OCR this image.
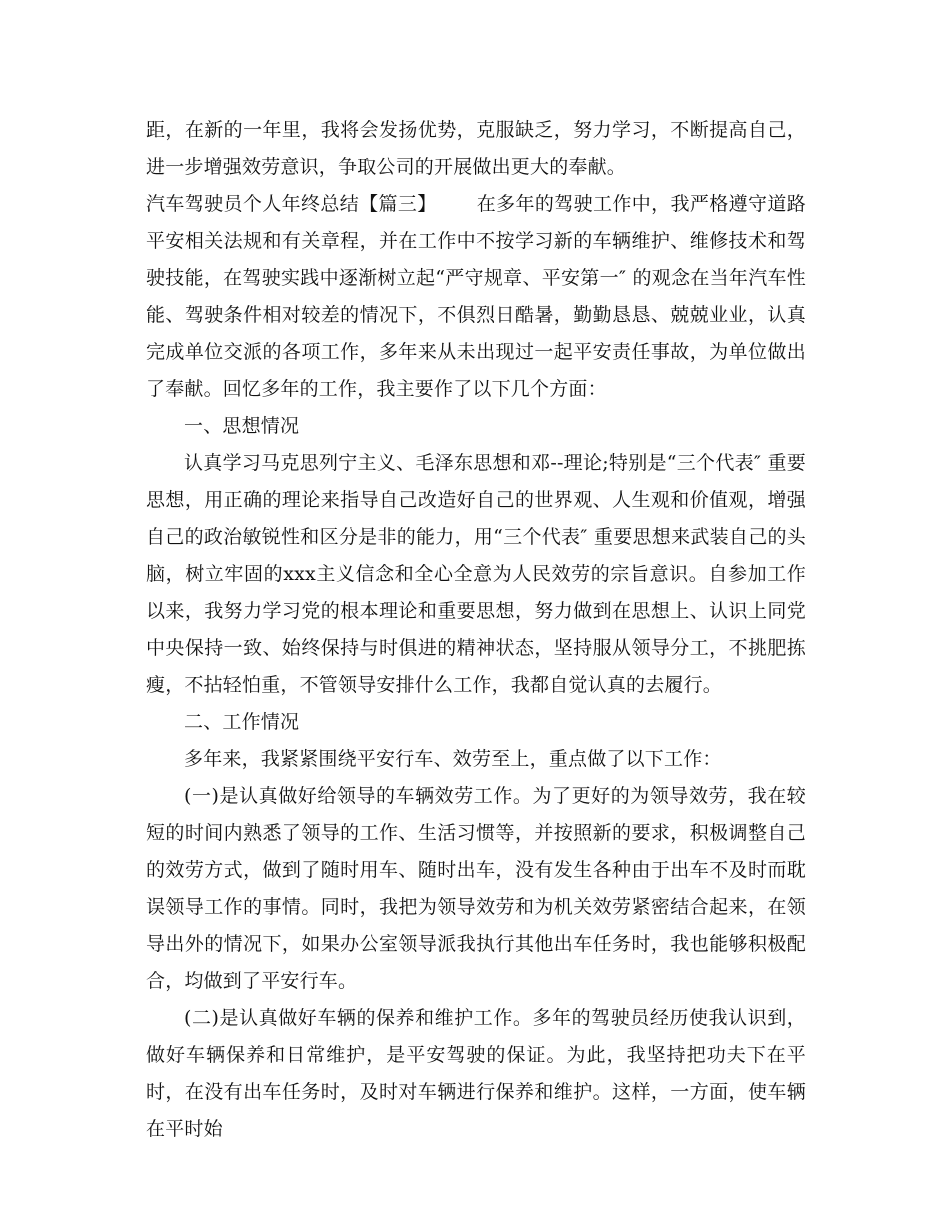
距，在新的一年里，我将会发扬优势，克服缺乏，努力学习，不断提高自己，进一步增强效劳意识，争取公司的开展做出更大的奉献。

汽车驾驶员个人年终总结【篇三】 在多年的驾驶工作中，我严格遵守道路平安相关法规和有关章程，并在工作中不按学习新的车辆维护、维修技术和驾驶技能，在驾驶实践中逐渐树立起“严守规章、平安第一″ 的观念在当年汽车性能、驾驶条件相对较差的情况下，不俱烈日酷暑，勤勤恳恳、兢兢业业，认真完成单位交派的各项工作，多年来从未出现过一起平安责任事故，为单位做出了奉献。回忆多年的工作，我主要作了以下几个方面：

一、思想情况

认真学习马克思列宁主义、毛泽东思想和邓--理论;特别是“三个代表″ 重要思想，用正确的理论来指导自己改造好自己的世界观、人生观和价值观，增强自己的政治敏锐性和区分是非的能力，用“三个代表″ 重要思想来武装自己的头脑，树立牢固的xxx主义信念和全心全意为人民效劳的宗旨意识。自参加工作以来，我努力学习党的根本理论和重要思想，努力做到在思想上、认识上同党中央保持一致、始终保持与时俱进的精神状态，坚持服从领导分工，不挑肥拣瘦，不拈轻怕重，不管领导安排什么工作，我都自觉认真的去履行。

二、工作情况

多年来，我紧紧围绕平安行车、效劳至上，重点做了以下工作：

(一)是认真做好给领导的车辆效劳工作。为了更好的为领导效劳，我在较短的时间内熟悉了领导的工作、生活习惯等，并按照新的要求，积极调整自己的效劳方式，做到了随时用车、随时出车，没有发生各种由于出车不及时而耽误领导工作的事情。同时，我把为领导效劳和为机关效劳紧密结合起来，在领导出外的情况下，如果办公室领导派我执行其他出车任务时，我也能够积极配合，均做到了平安行车。

(二)是认真做好车辆的保养和维护工作。多年的驾驶员经历使我认识到，做好车辆保养和日常维护，是平安驾驶的保证。为此，我坚持把功夫下在平时，在没有出车任务时，及时对车辆进行保养和维护。这样，一方面，使车辆在平时始
